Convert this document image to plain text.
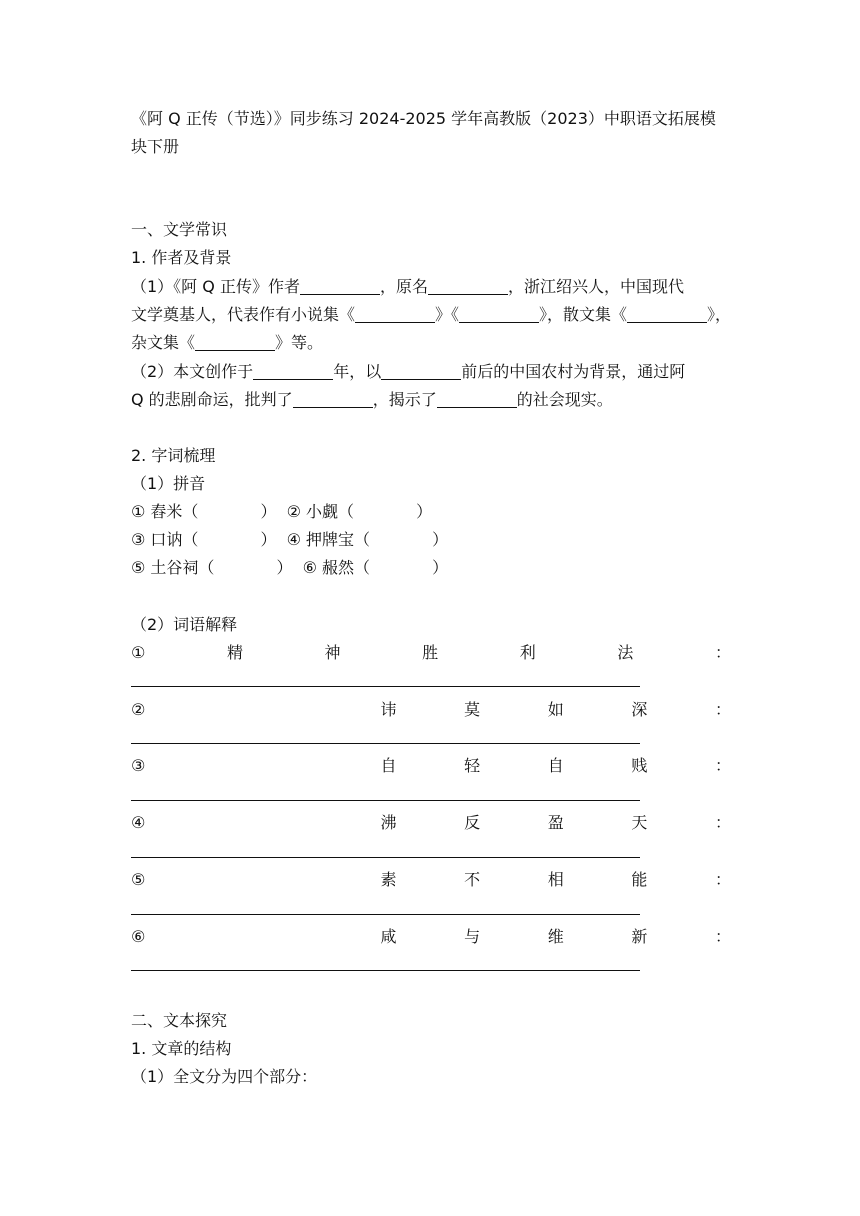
《阿 Q 正传（节选）》同步练习 2024-2025 学年高教版（2023）中职语文拓展模
块下册
一、文学常识
1. 作者及背景
（1）《阿 Q 正传》作者	，原名	，浙江绍兴人，中国现代
文学奠基人，代表作有小说集《	》《	》，散文集《	》，
杂文集《	》等。
（2）本文创作于	年，以	前后的中国农村为背景，通过阿
Q 的悲剧命运，批判了	，揭示了	的社会现实。
2. 字词梳理
（1）拼音
① 舂米（	） ② 小觑（	）
③ 口讷（	） ④ 押牌宝（	）
⑤ 土谷祠（	） ⑥ 赧然（	）
（2）词语解释
①	精	神	胜	利	法	：
②	讳	莫	如	深	：
③	自	轻	自	贱	：
④	沸	反	盈	天	：
⑤	素	不	相	能	：
⑥	咸	与	维	新	：
二、文本探究
1. 文章的结构
（1）全文分为四个部分：
